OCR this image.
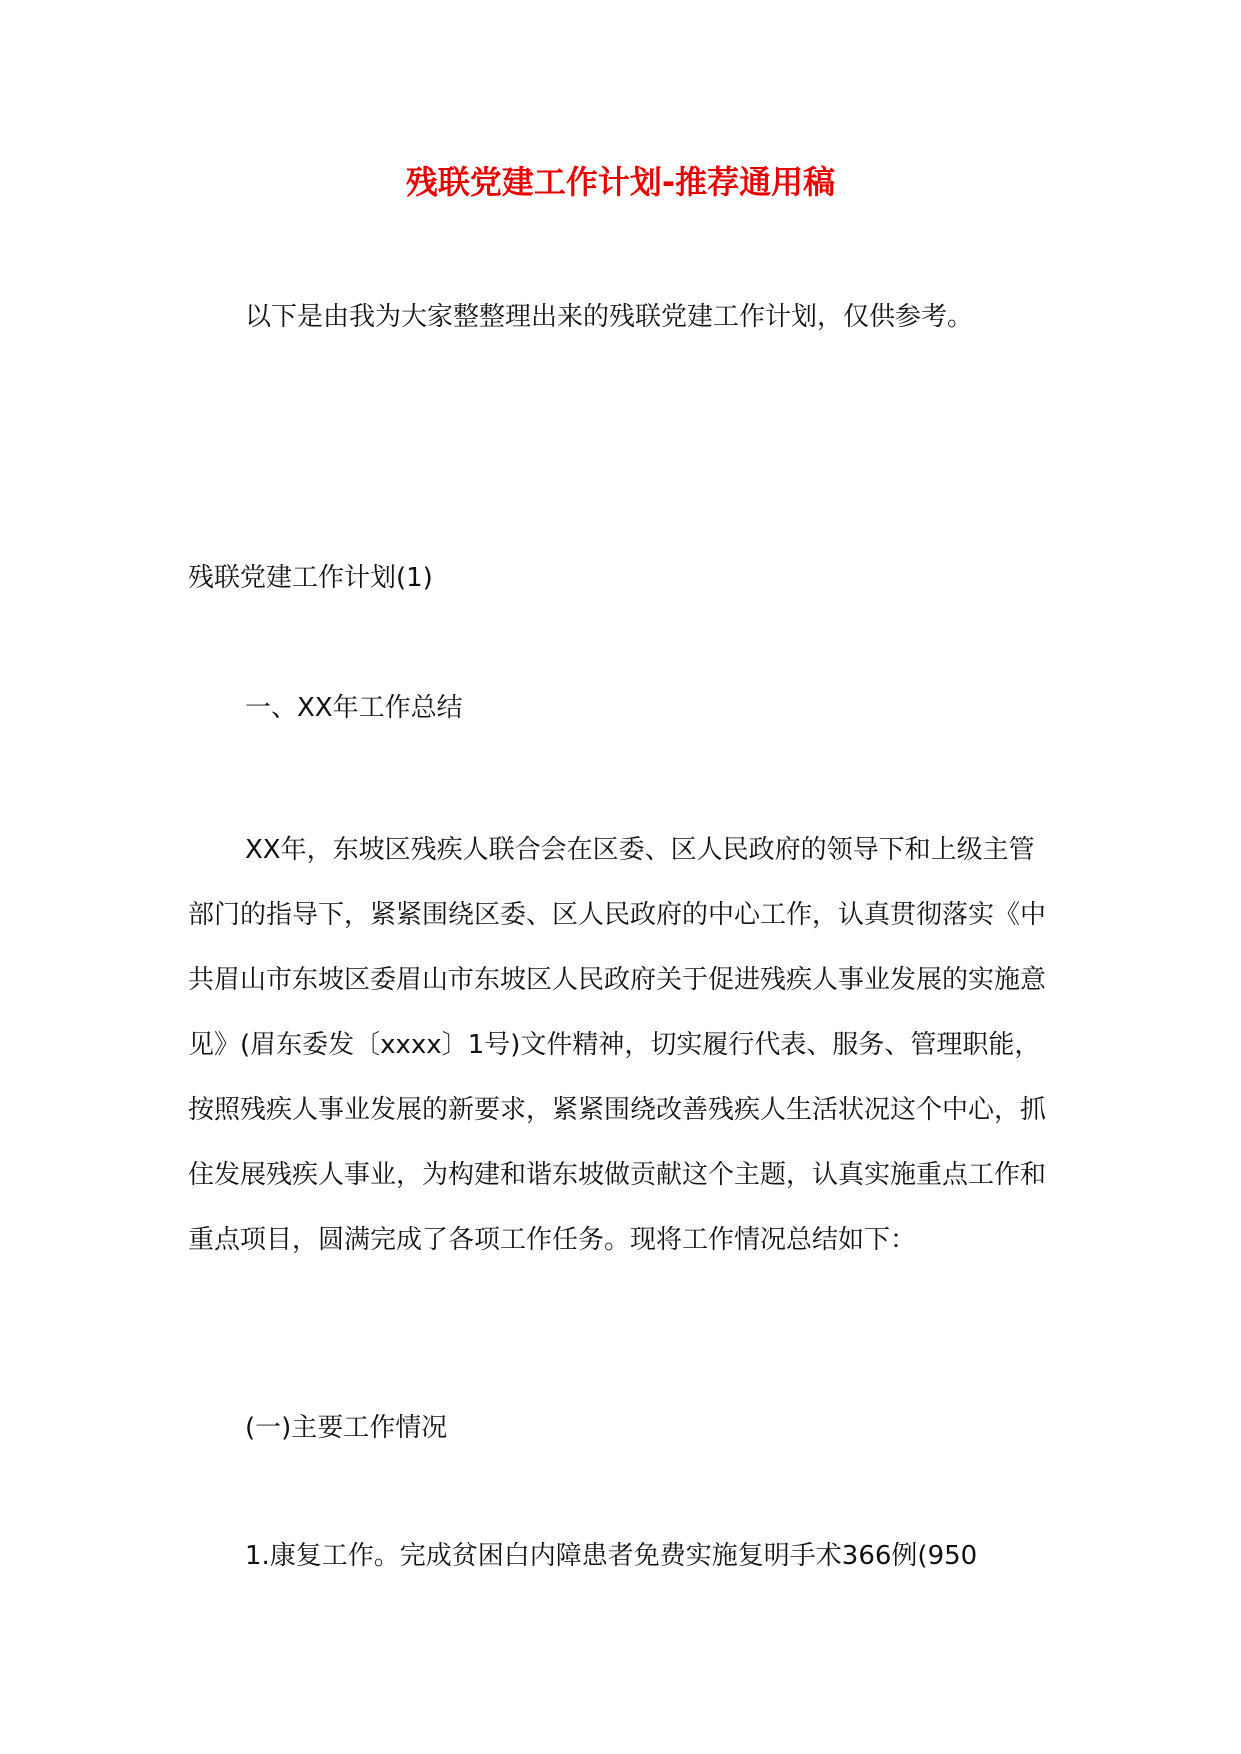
残联党建工作计划-推荐通用稿

以下是由我为大家整整理出来的残联党建工作计划，仅供参考。

残联党建工作计划(1)

一、XX年工作总结

XX年，东坡区残疾人联合会在区委、区人民政府的领导下和上级主管部门的指导下，紧紧围绕区委、区人民政府的中心工作，认真贯彻落实《中共眉山市东坡区委眉山市东坡区人民政府关于促进残疾人事业发展的实施意见》(眉东委发〔xxxx〕1号)文件精神，切实履行代表、服务、管理职能，按照残疾人事业发展的新要求，紧紧围绕改善残疾人生活状况这个中心，抓住发展残疾人事业，为构建和谐东坡做贡献这个主题，认真实施重点工作和重点项目，圆满完成了各项工作任务。现将工作情况总结如下：

(一)主要工作情况

1.康复工作。完成贫困白内障患者免费实施复明手术366例(950
